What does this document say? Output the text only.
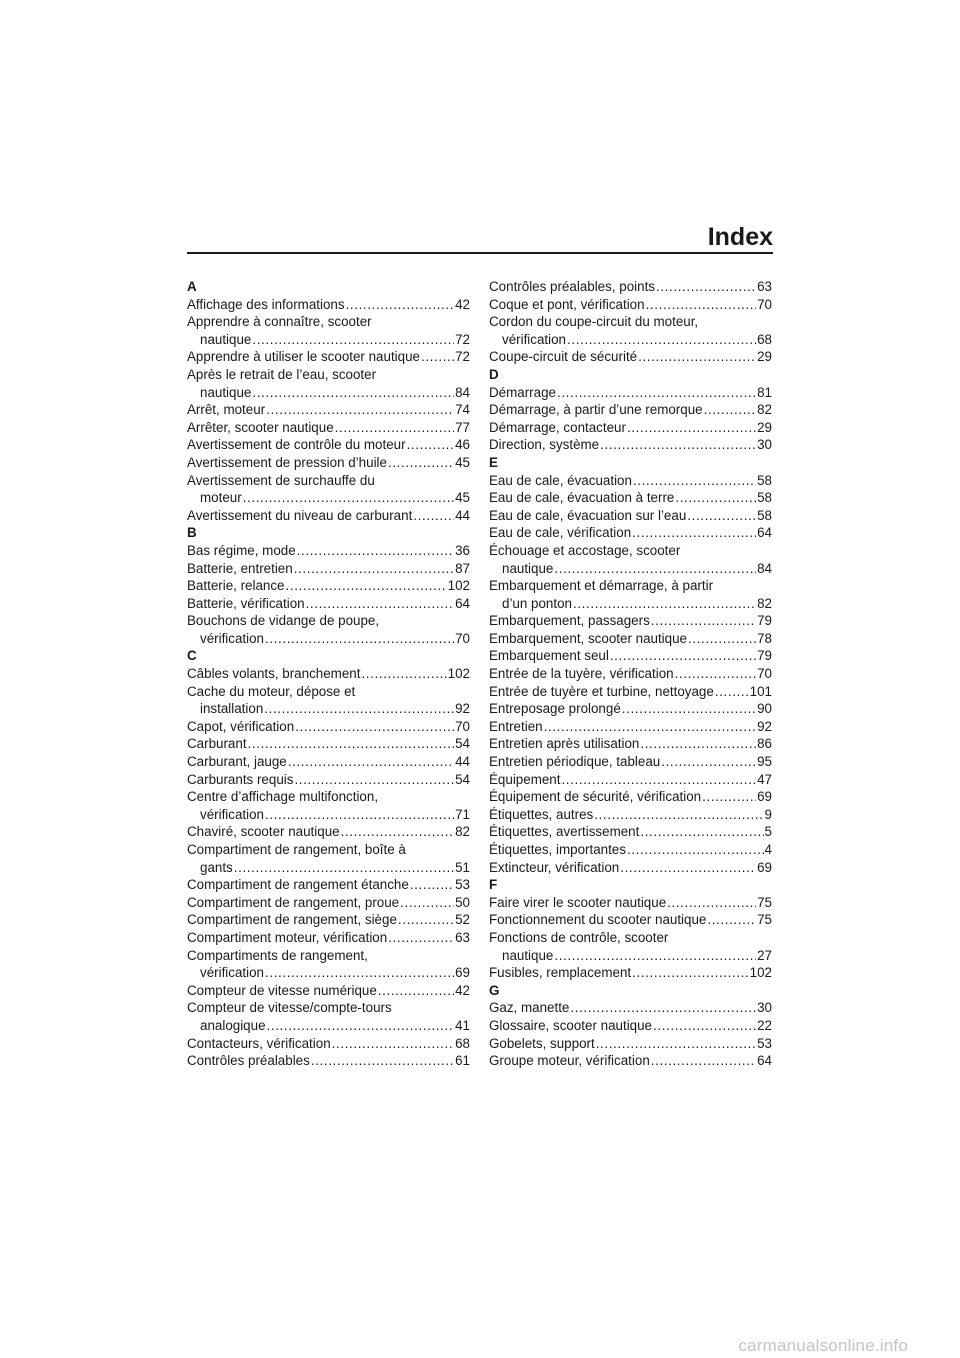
Index
A
Affichage des informations . . .	42
Apprendre à connaître, scooter
nautique . . .	72
Apprendre à utiliser le scooter nautique . . .	72
Après le retrait de l’eau, scooter
nautique . . .	84
Arrêt, moteur . . .	74
Arrêter, scooter nautique . . .	77
Avertissement de contrôle du moteur . . .	46
Avertissement de pression d’huile . . .	45
Avertissement de surchauffe du
moteur . . .	45
Avertissement du niveau de carburant . . .	44
B
Bas régime, mode . . .	36
Batterie, entretien . . .	87
Batterie, relance . . .	102
Batterie, vérification . . .	64
Bouchons de vidange de poupe,
vérification . . .	70
C
Câbles volants, branchement . . .	102
Cache du moteur, dépose et
installation . . .	92
Capot, vérification . . .	70
Carburant . . .	54
Carburant, jauge . . .	44
Carburants requis . . .	54
Centre d’affichage multifonction,
vérification . . .	71
Chaviré, scooter nautique . . .	82
Compartiment de rangement, boîte à
gants . . .	51
Compartiment de rangement étanche . . .	53
Compartiment de rangement, proue . . .	50
Compartiment de rangement, siège . . .	52
Compartiment moteur, vérification . . .	63
Compartiments de rangement,
vérification . . .	69
Compteur de vitesse numérique . . .	42
Compteur de vitesse/compte-tours
analogique . . .	41
Contacteurs, vérification . . .	68
Contrôles préalables . . .	61
Contrôles préalables, points . . .	63
Coque et pont, vérification . . .	70
Cordon du coupe-circuit du moteur,
vérification . . .	68
Coupe-circuit de sécurité . . .	29
D
Démarrage . . .	81
Démarrage, à partir d’une remorque . . .	82
Démarrage, contacteur . . .	29
Direction, système . . .	30
E
Eau de cale, évacuation . . .	58
Eau de cale, évacuation à terre . . .	58
Eau de cale, évacuation sur l’eau . . .	58
Eau de cale, vérification . . .	64
Échouage et accostage, scooter
nautique . . .	84
Embarquement et démarrage, à partir
d’un ponton . . .	82
Embarquement, passagers . . .	79
Embarquement, scooter nautique . . .	78
Embarquement seul . . .	79
Entrée de la tuyère, vérification . . .	70
Entrée de tuyère et turbine, nettoyage . . .	101
Entreposage prolongé . . .	90
Entretien . . .	92
Entretien après utilisation . . .	86
Entretien périodique, tableau . . .	95
Équipement . . .	47
Équipement de sécurité, vérification . . .	69
Étiquettes, autres . . .	9
Étiquettes, avertissement . . .	5
Étiquettes, importantes . . .	4
Extincteur, vérification . . .	69
F
Faire virer le scooter nautique . . .	75
Fonctionnement du scooter nautique . . .	75
Fonctions de contrôle, scooter
nautique . . .	27
Fusibles, remplacement . . .	102
G
Gaz, manette . . .	30
Glossaire, scooter nautique . . .	22
Gobelets, support . . .	53
Groupe moteur, vérification . . .	64
carmanualsonline.info
